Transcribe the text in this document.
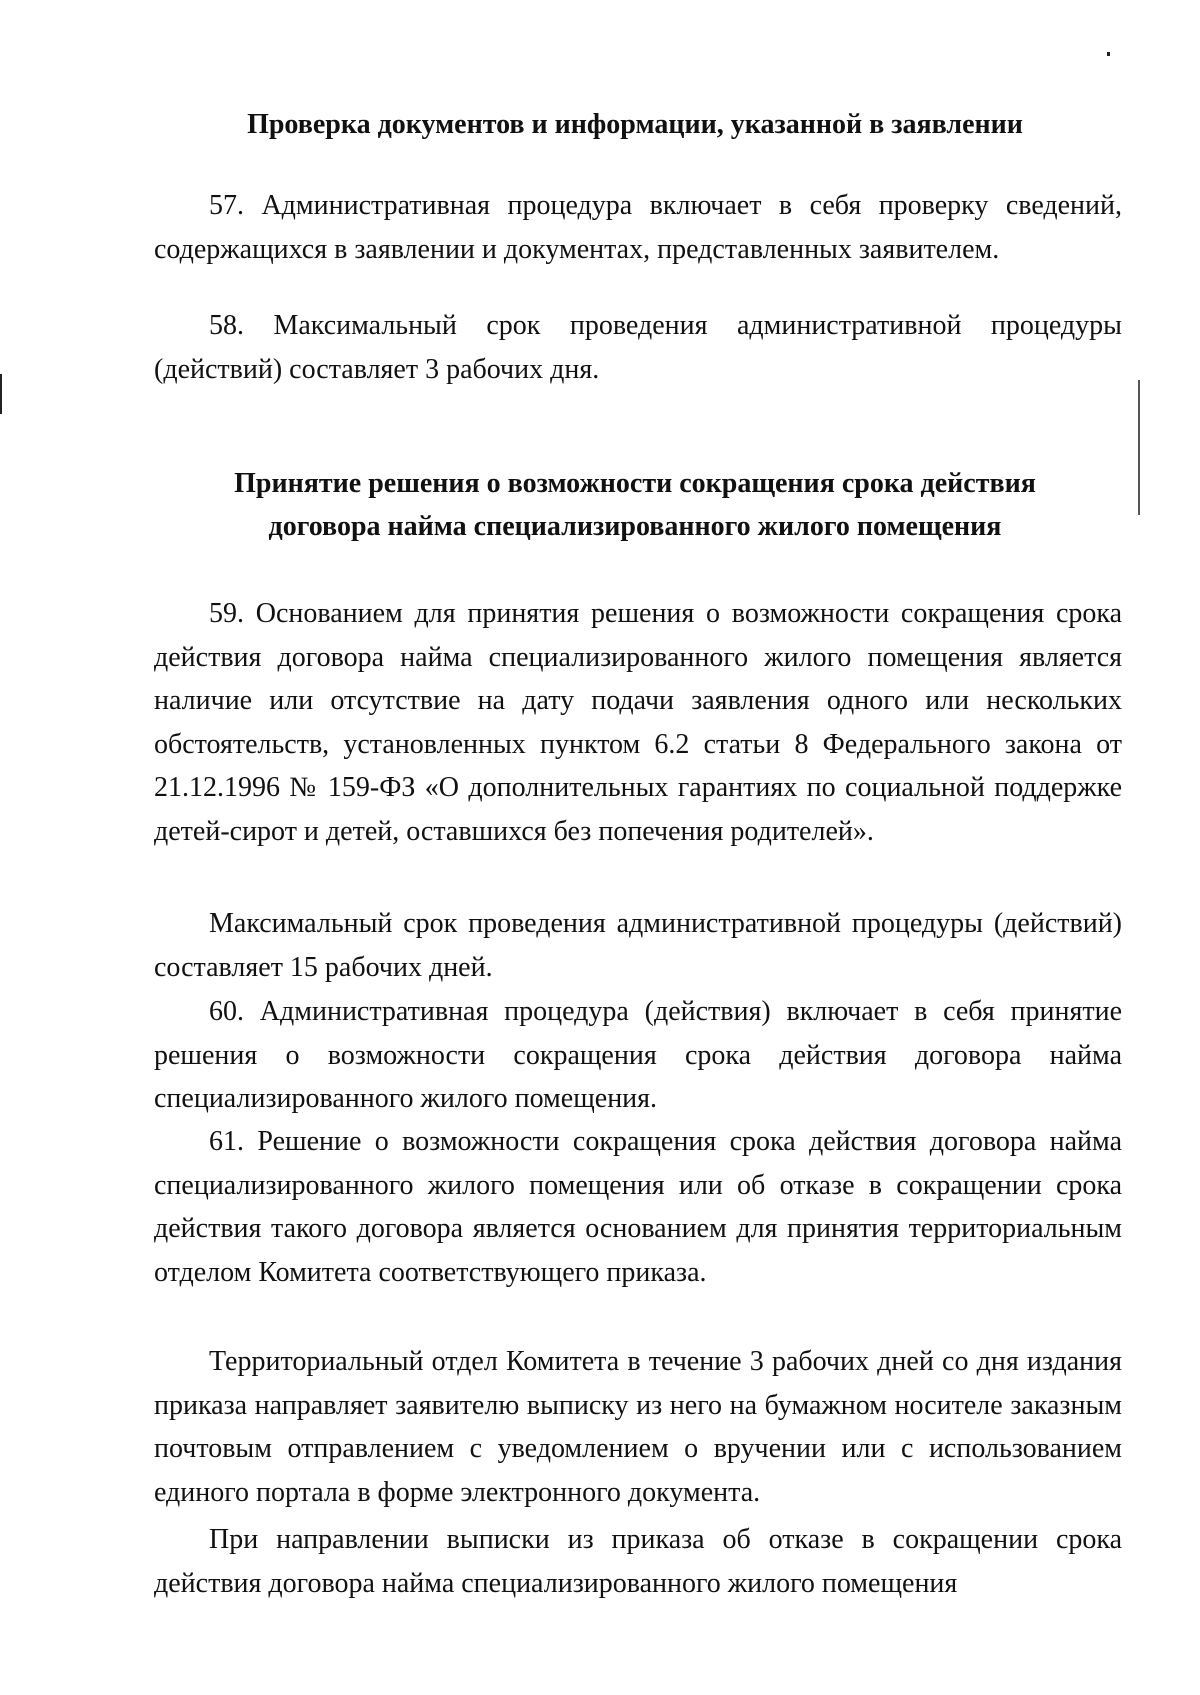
Проверка документов и информации, указанной в заявлении

57. Административная процедура включает в себя проверку сведений, содержащихся в заявлении и документах, представленных заявителем.

58. Максимальный срок проведения административной процедуры (действий) составляет 3 рабочих дня.

Принятие решения о возможности сокращения срока действия
договора найма специализированного жилого помещения

59. Основанием для принятия решения о возможности сокращения срока действия договора найма специализированного жилого помещения является наличие или отсутствие на дату подачи заявления одного или нескольких обстоятельств, установленных пунктом 6.2 статьи 8 Федерального закона от 21.12.1996 № 159-ФЗ «О дополнительных гарантиях по социальной поддержке детей-сирот и детей, оставшихся без попечения родителей».

Максимальный срок проведения административной процедуры (действий) составляет 15 рабочих дней.

60. Административная процедура (действия) включает в себя принятие решения о возможности сокращения срока действия договора найма специализированного жилого помещения.

61. Решение о возможности сокращения срока действия договора найма специализированного жилого помещения или об отказе в сокращении срока действия такого договора является основанием для принятия территориальным отделом Комитета соответствующего приказа.

Территориальный отдел Комитета в течение 3 рабочих дней со дня издания приказа направляет заявителю выписку из него на бумажном носителе заказным почтовым отправлением с уведомлением о вручении или с использованием единого портала в форме электронного документа.

При направлении выписки из приказа об отказе в сокращении срока действия договора найма специализированного жилого помещения
